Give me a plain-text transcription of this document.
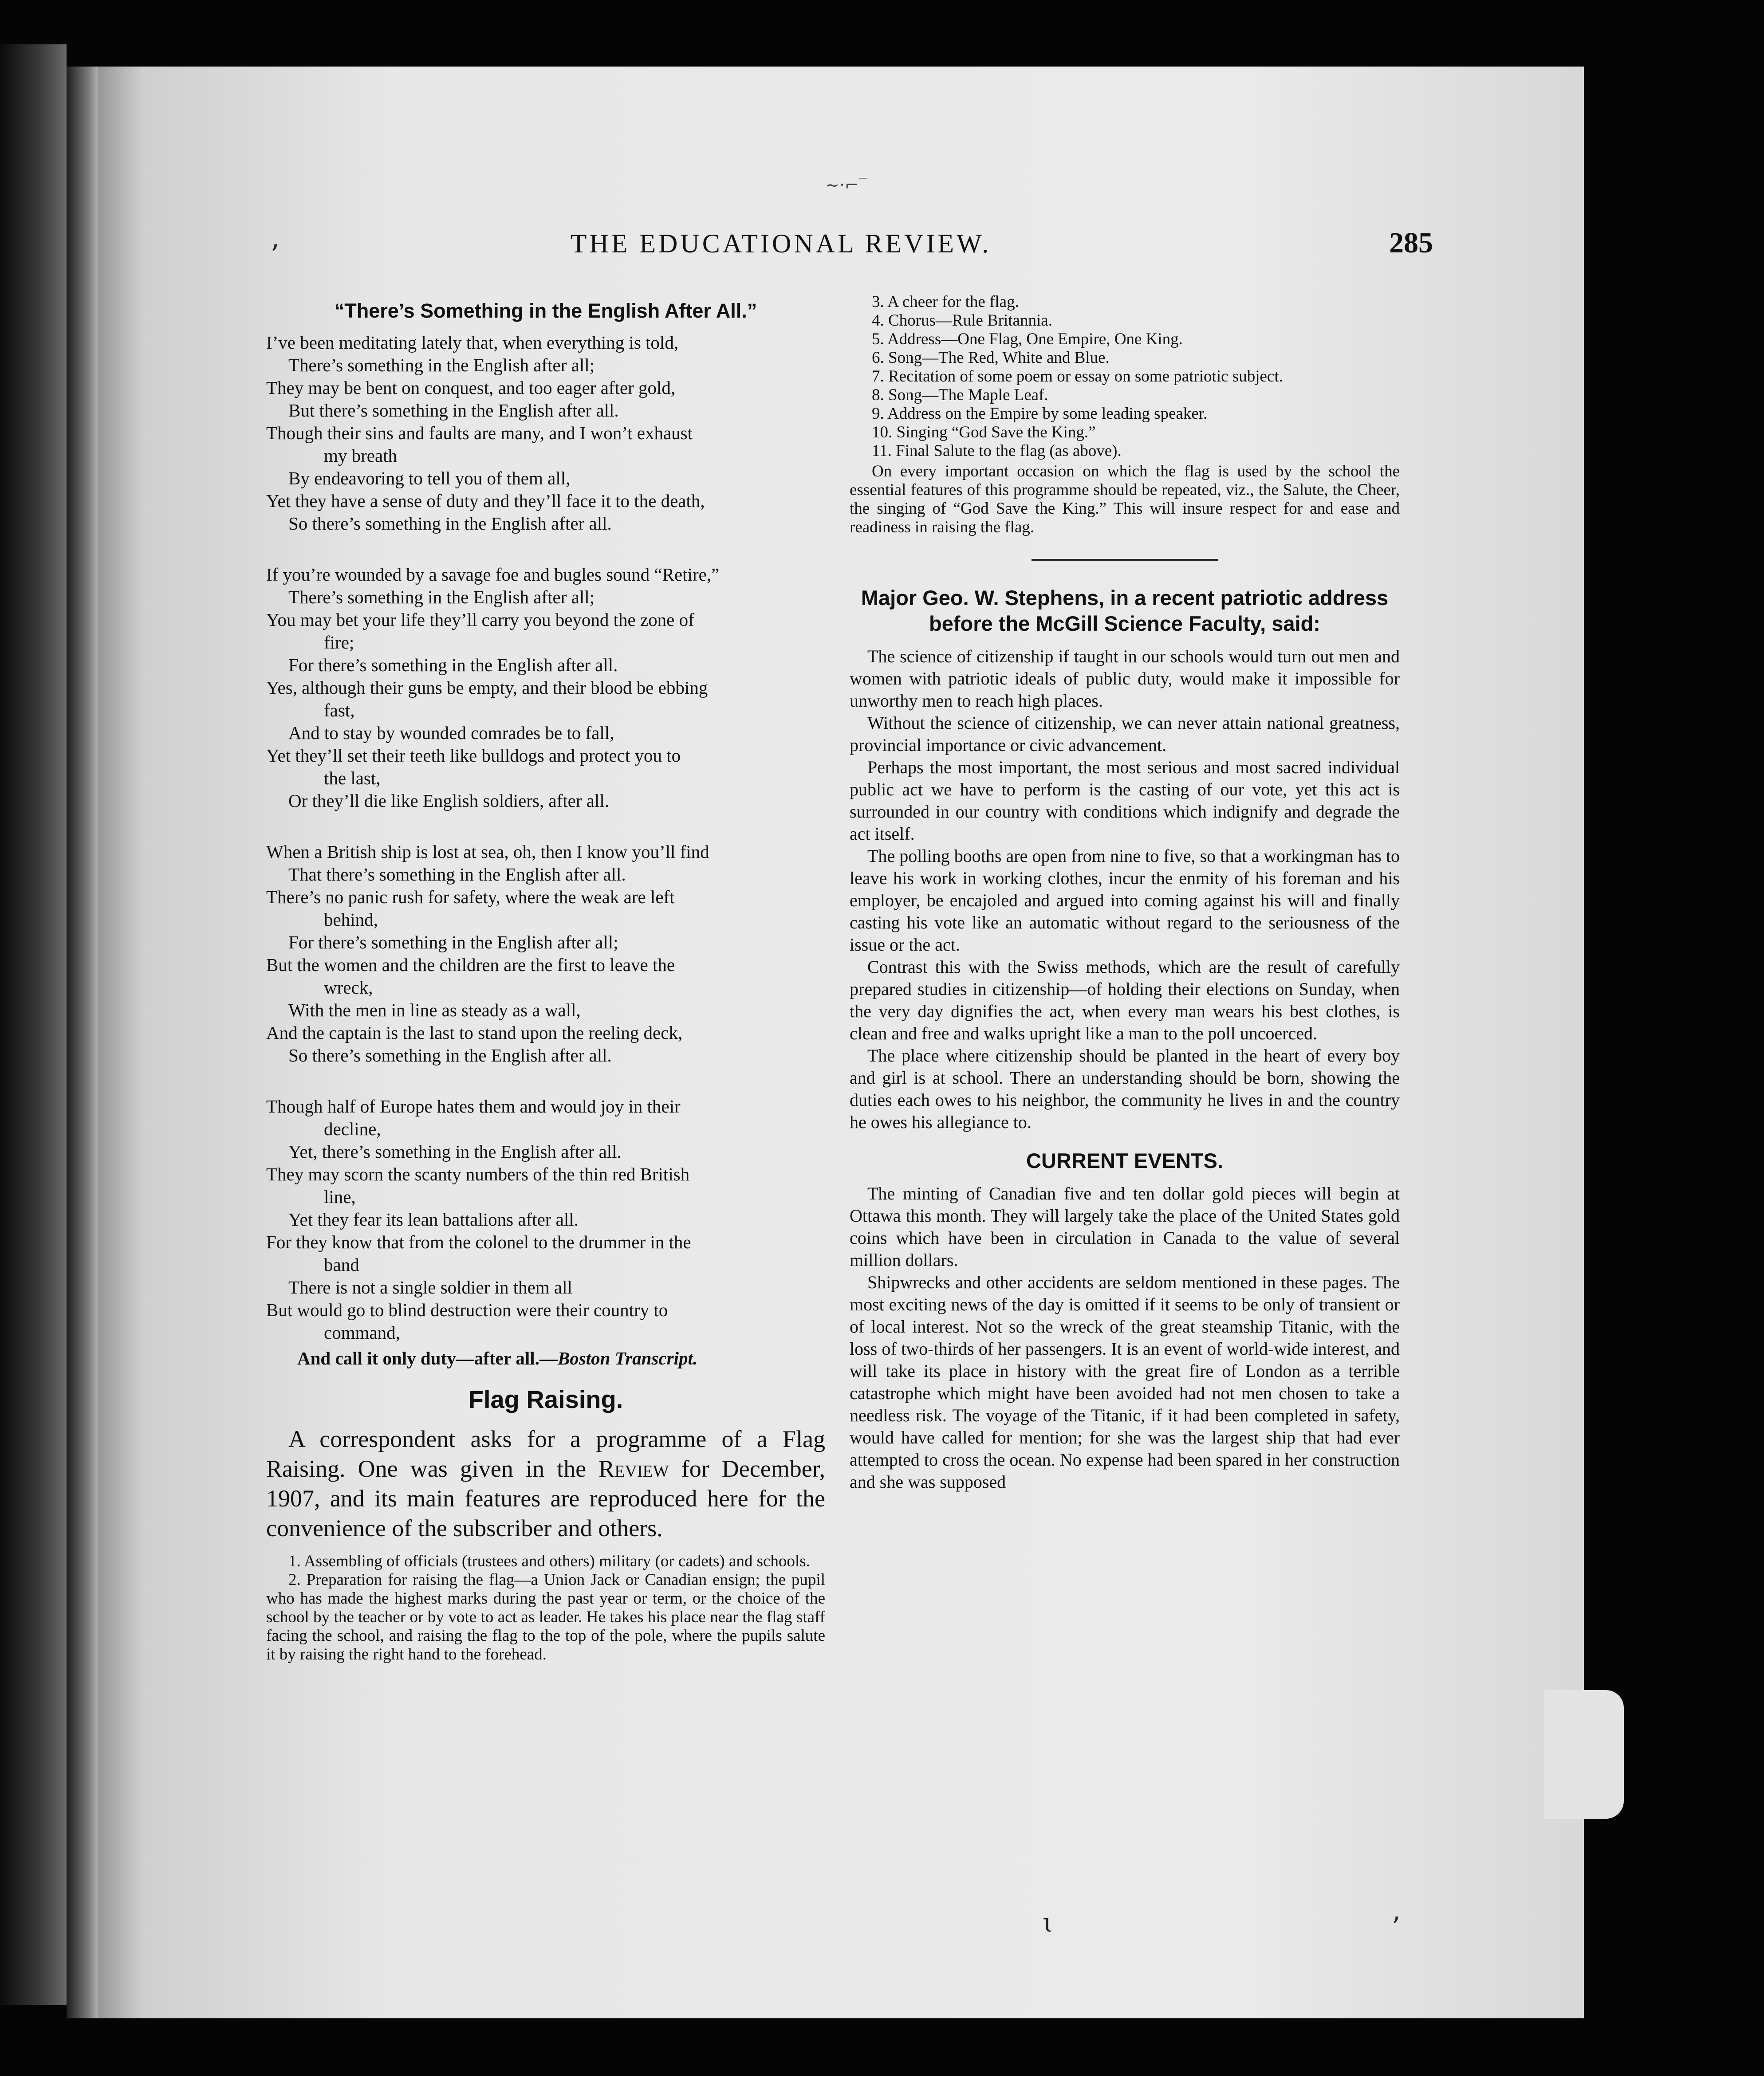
ʼ
ɩ	ʼ
~·⌐‾
THE EDUCATIONAL REVIEW.	285
“There’s Something in the English After All.”

I’ve been meditating lately that, when everything is told,

There’s something in the English after all;

They may be bent on conquest, and too eager after gold,

But there’s something in the English after all.

Though their sins and faults are many, and I won’t exhaust

my breath

By endeavoring to tell you of them all,

Yet they have a sense of duty and they’ll face it to the death,

So there’s something in the English after all.

If you’re wounded by a savage foe and bugles sound “Retire,”

There’s something in the English after all;

You may bet your life they’ll carry you beyond the zone of

fire;

For there’s something in the English after all.

Yes, although their guns be empty, and their blood be ebbing

fast,

And to stay by wounded comrades be to fall,

Yet they’ll set their teeth like bulldogs and protect you to

the last,

Or they’ll die like English soldiers, after all.

When a British ship is lost at sea, oh, then I know you’ll find

That there’s something in the English after all.

There’s no panic rush for safety, where the weak are left

behind,

For there’s something in the English after all;

But the women and the children are the first to leave the

wreck,

With the men in line as steady as a wall,

And the captain is the last to stand upon the reeling deck,

So there’s something in the English after all.

Though half of Europe hates them and would joy in their

decline,

Yet, there’s something in the English after all.

They may scorn the scanty numbers of the thin red British

line,

Yet they fear its lean battalions after all.

For they know that from the colonel to the drummer in the

band

There is not a single soldier in them all

But would go to blind destruction were their country to

command,

And call it only duty—after all.—Boston Transcript.
Flag Raising.

A correspondent asks for a programme of a Flag Raising. One was given in the Review for December, 1907, and its main features are reproduced here for the convenience of the subscriber and others.

1. Assembling of officials (trustees and others) military (or cadets) and schools.

2. Preparation for raising the flag—a Union Jack or Canadian ensign; the pupil who has made the highest marks during the past year or term, or the choice of the school by the teacher or by vote to act as leader. He takes his place near the flag staff facing the school, and raising the flag to the top of the pole, where the pupils salute it by raising the right hand to the forehead.

3. A cheer for the flag.

4. Chorus—Rule Britannia.

5. Address—One Flag, One Empire, One King.

6. Song—The Red, White and Blue.

7. Recitation of some poem or essay on some patriotic subject.

8. Song—The Maple Leaf.

9. Address on the Empire by some leading speaker.

10. Singing “God Save the King.”

11. Final Salute to the flag (as above).

On every important occasion on which the flag is used by the school the essential features of this programme should be repeated, viz., the Salute, the Cheer, the singing of “God Save the King.” This will insure respect for and ease and readiness in raising the flag.

Major Geo. W. Stephens, in a recent patriotic address before the McGill Science Faculty, said:

The science of citizenship if taught in our schools would turn out men and women with patriotic ideals of public duty, would make it impossible for unworthy men to reach high places.

Without the science of citizenship, we can never attain national greatness, provincial importance or civic advancement.

Perhaps the most important, the most serious and most sacred individual public act we have to perform is the casting of our vote, yet this act is surrounded in our country with conditions which indignify and degrade the act itself.

The polling booths are open from nine to five, so that a workingman has to leave his work in working clothes, incur the enmity of his foreman and his employer, be encajoled and argued into coming against his will and finally casting his vote like an automatic without regard to the seriousness of the issue or the act.

Contrast this with the Swiss methods, which are the result of carefully prepared studies in citizenship—of holding their elections on Sunday, when the very day dignifies the act, when every man wears his best clothes, is clean and free and walks upright like a man to the poll uncoerced.

The place where citizenship should be planted in the heart of every boy and girl is at school. There an understanding should be born, showing the duties each owes to his neighbor, the community he lives in and the country he owes his allegiance to.

CURRENT EVENTS.

The minting of Canadian five and ten dollar gold pieces will begin at Ottawa this month. They will largely take the place of the United States gold coins which have been in circulation in Canada to the value of several million dollars.

Shipwrecks and other accidents are seldom mentioned in these pages. The most exciting news of the day is omitted if it seems to be only of transient or of local interest. Not so the wreck of the great steamship Titanic, with the loss of two-thirds of her passengers. It is an event of world-wide interest, and will take its place in history with the great fire of London as a terrible catastrophe which might have been avoided had not men chosen to take a needless risk. The voyage of the Titanic, if it had been completed in safety, would have called for mention; for she was the largest ship that had ever attempted to cross the ocean. No expense had been spared in her construction and she was supposed
